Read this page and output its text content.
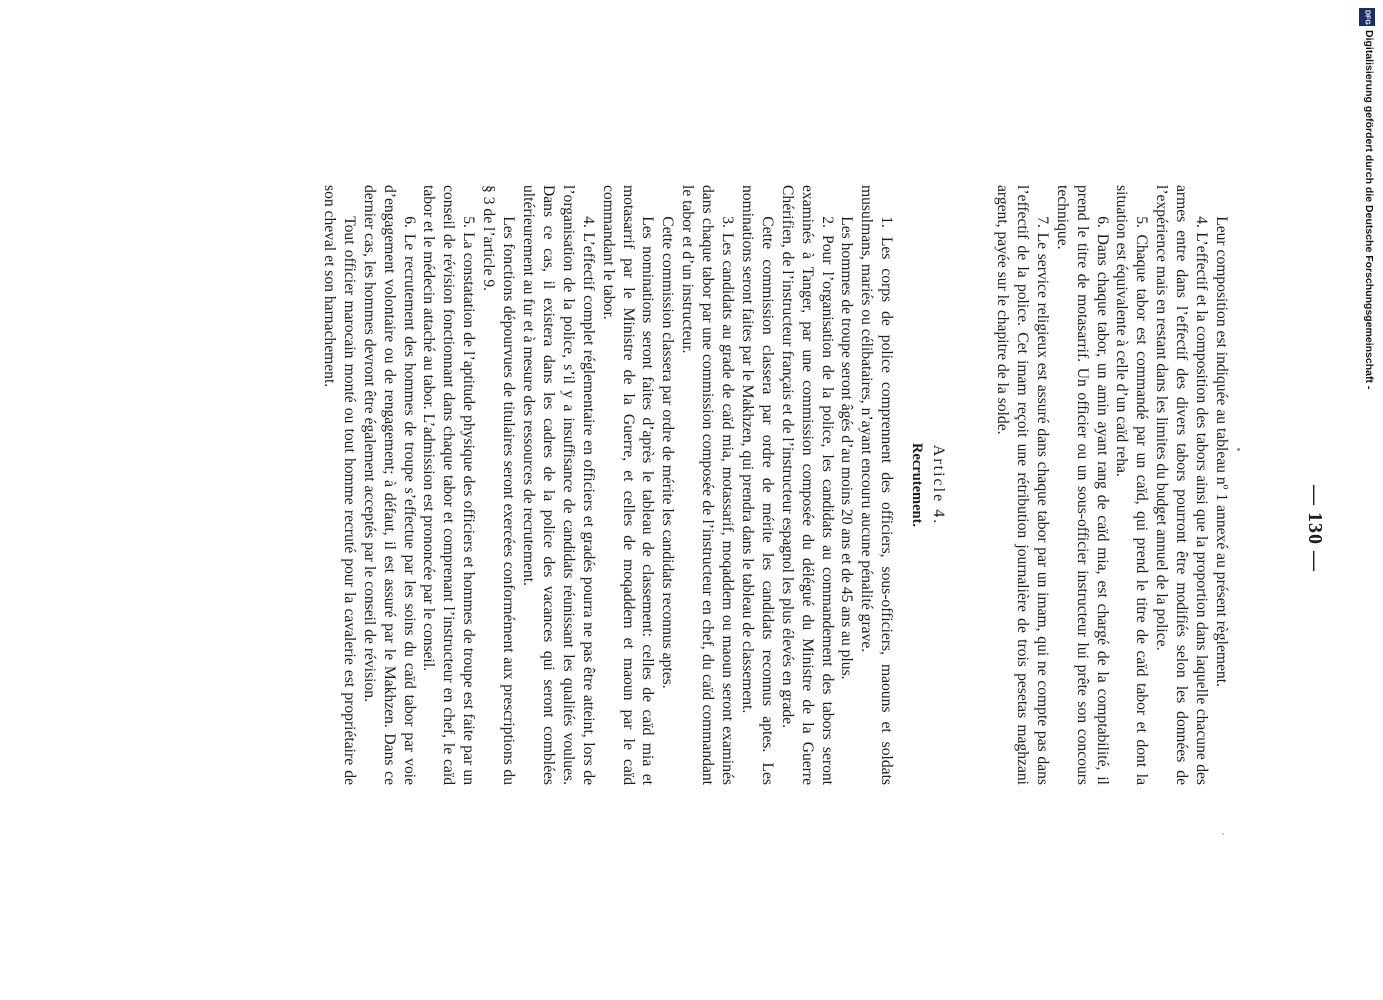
— 130 —

Leur composition est indiquée au tableau nº 1 annexé au présent règlement.

4. L’effectif et la composition des tabors ainsi que la proportion dans laquelle chacune des armes entre dans l’effectif des divers tabors pourront être modifiés selon les données de l’expérience mais en restant dans les limites du budget annuel de la police.

5. Chaque tabor est commandé par un caïd, qui prend le titre de caïd tabor et dont la situation est équivalente à celle d’un caïd reha.

6. Dans chaque tabor, un amin ayant rang de caïd mia, est chargé de la comptabilité, il prend le titre de motasarrif. Un officier ou un sous-officier instructeur lui prête son concours technique.

7. Le service religieux est assuré dans chaque tabor par un imam, qui ne compte pas dans l’effectif de la police. Cet imam reçoit une rétribution journalière de trois pesetas maghzani argent, payée sur le chapitre de la solde.

Article 4.
Recrutement.

1. Les corps de police comprennent des officiers, sous-officiers, maouns et soldats musulmans, mariés ou célibataires, n’ayant encouru aucune pénalité grave.

Les hommes de troupe seront âgés d’au moins 20 ans et de 45 ans au plus.

2. Pour l’organisation de la police, les candidats au commandement des tabors seront examinés à Tanger, par une commission composée du délégué du Ministre de la Guerre Chérifien, de l’instructeur français et de l’instructeur espagnol les plus élevés en grade.

Cette commission classera par ordre de mérite les candidats reconnus aptes. Les nominations seront faites par le Makhzen, qui prendra dans le tableau de classement.

3. Les candidats au grade de caïd mia, motassarif, moqaddem ou maoun seront examinés dans chaque tabor par une commission composée de l’instructeur en chef, du caïd commandant le tabor et d’un instructeur.

Cette commission classera par ordre de mérite les candidats reconnus aptes.

Les nominations seront faites d’après le tableau de classement: celles de caïd mia et motasarrif par le Ministre de la Guerre, et celles de moqaddem et maoun par le caïd commandant le tabor.

4. L’effectif complet réglementaire en officiers et gradés pourra ne pas être atteint, lors de l’organisation de la police, s’il y a insuffisance de candidats réunissant les qualités voulues. Dans ce cas, il existera dans les cadres de la police des vacances qui seront comblées ultérieurement au fur et à mesure des ressources de recrutement.

Les fonctions dépourvues de titulaires seront exercées conformément aux prescriptions du § 3 de l’article 9.

5. La constatation de l’aptitude physique des officiers et hommes de troupe est faite par un conseil de révision fonctionnant dans chaque tabor et comprenant l’instructeur en chef, le caïd tabor et le médecin attaché au tabor. L’admission est prononcée par le conseil.

6. Le recrutement des hommes de troupe s’effectue par les soins du caïd tabor par voie d’engagement volontaire ou de rengagement; à défaut, il est assuré par le Makhzen. Dans ce dernier cas, les hommes devront être également acceptés par le conseil de révision.

Tout officier marocain monté ou tout homme recruté pour la cavalerie est propriétaire de son cheval et son harnachement.

DFG
Digitalisierung gefördert durch die Deutsche Forschungsgemeinschaft -
